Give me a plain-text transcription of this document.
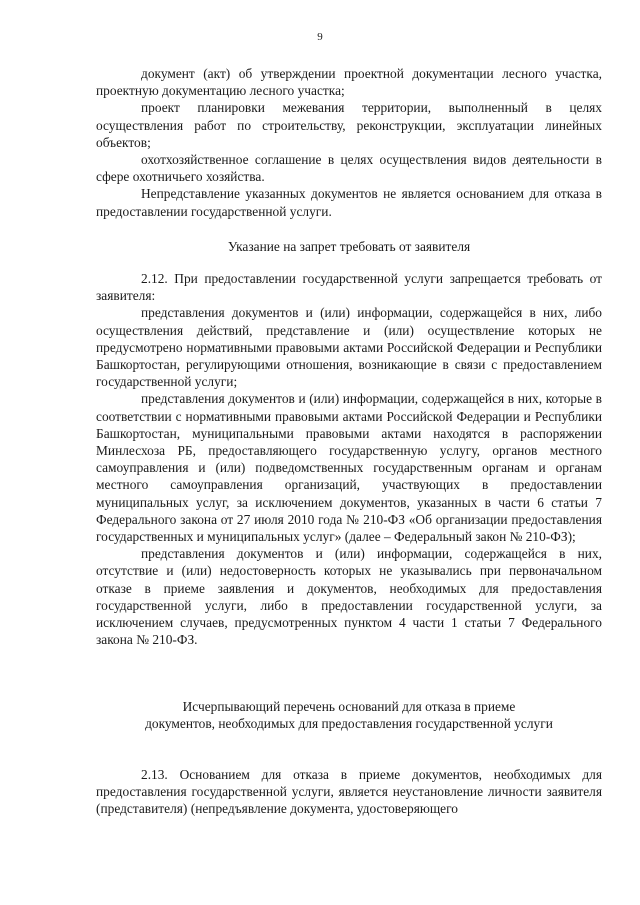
9

документ (акт) об утверждении проектной документации лесного участка, проектную документацию лесного участка;

проект планировки межевания территории, выполненный в целях осуществления работ по строительству, реконструкции, эксплуатации линейных объектов;

охотхозяйственное соглашение в целях осуществления видов деятельности в сфере охотничьего хозяйства.

Непредставление указанных документов не является основанием для отказа в предоставлении государственной услуги.

Указание на запрет требовать от заявителя

2.12. При предоставлении государственной услуги запрещается требовать от заявителя:

представления документов и (или) информации, содержащейся в них, либо осуществления действий, представление и (или) осуществление которых не предусмотрено нормативными правовыми актами Российской Федерации и Республики Башкортостан, регулирующими отношения, возникающие в связи с предоставлением государственной услуги;

представления документов и (или) информации, содержащейся в них, которые в соответствии с нормативными правовыми актами Российской Федерации и Республики Башкортостан, муниципальными правовыми актами находятся в распоряжении Минлесхоза РБ, предоставляющего государственную услугу, органов местного самоуправления и (или) подведомственных государственным органам и органам местного самоуправления организаций, участвующих в предоставлении муниципальных услуг, за исключением документов, указанных в части 6 статьи 7 Федерального закона от 27 июля 2010 года № 210-ФЗ «Об организации предоставления государственных и муниципальных услуг» (далее – Федеральный закон № 210-ФЗ);

представления документов и (или) информации, содержащейся в них, отсутствие и (или) недостоверность которых не указывались при первоначальном отказе в приеме заявления и документов, необходимых для предоставления государственной услуги, либо в предоставлении государственной услуги, за исключением случаев, предусмотренных пунктом 4 части 1 статьи 7 Федерального закона № 210-ФЗ.

Исчерпывающий перечень оснований для отказа в приеме
документов, необходимых для предоставления государственной услуги

2.13. Основанием для отказа в приеме документов, необходимых для предоставления государственной услуги, является неустановление личности заявителя (представителя) (непредъявление документа, удостоверяющего
